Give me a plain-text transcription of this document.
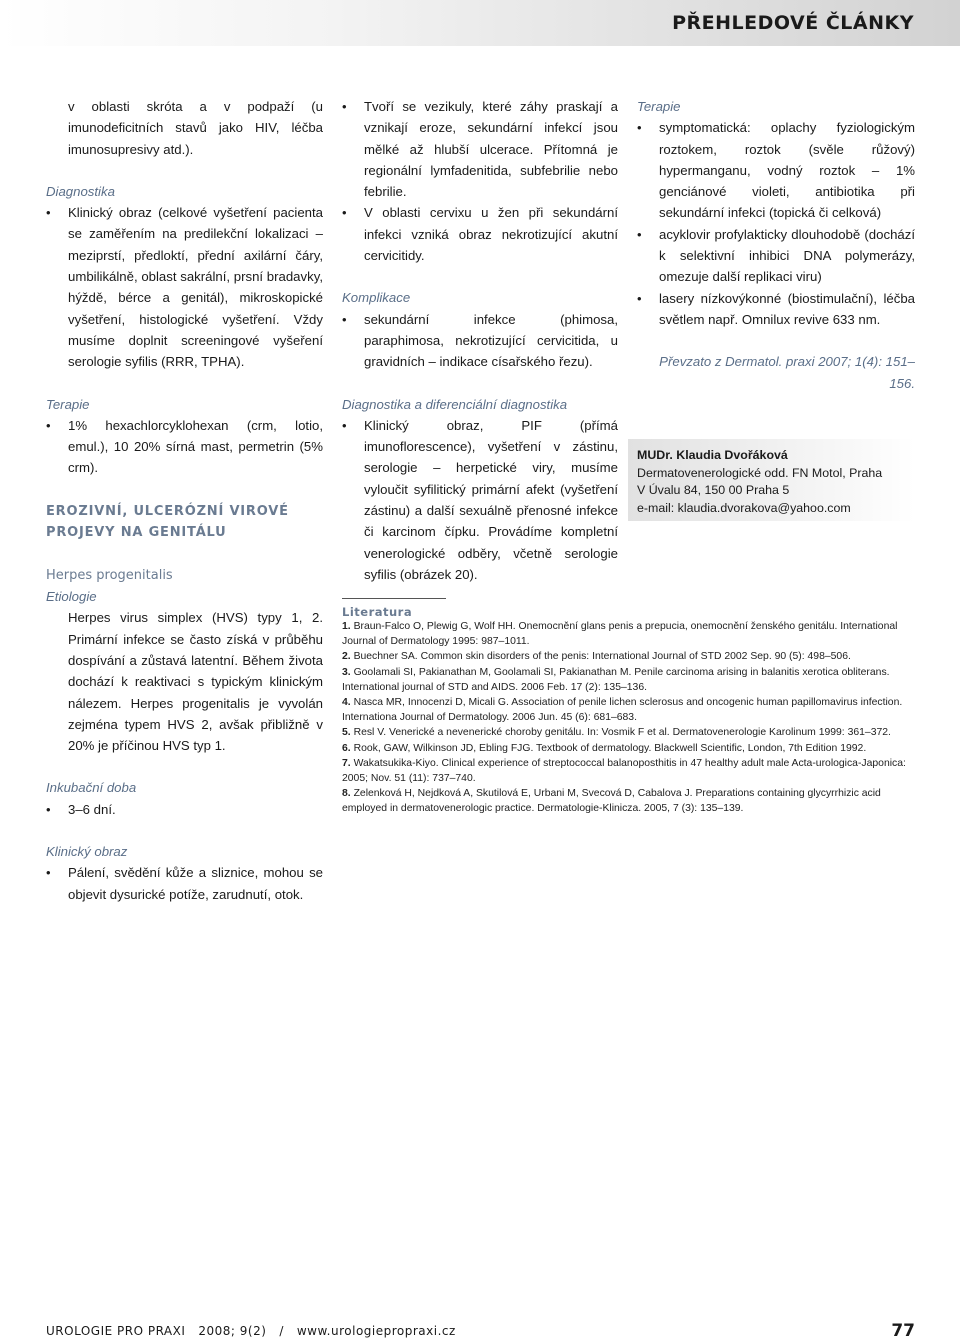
PŘEHLEDOVÉ ČLÁNKY

v oblasti skróta a v podpaží (u imunodeficitních stavů jako HIV, léčba imunosupresivy atd.).

Diagnostika

• Klinický obraz (celkové vyšetření pacienta se zaměřením na predilekční lokalizaci – meziprstí, předloktí, přední axilární čáry, umbilikálně, oblast sakrální, prsní bradavky, hýždě, bérce a genitál), mikroskopické vyšetření, histologické vyšetření. Vždy musíme doplnit screeningové vyšeření serologie syfilis (RRR, TPHA).

Terapie

• 1% hexachlorcyklohexan (crm, lotio, emul.), 10 20% sírná mast, permetrin (5% crm).

EROZIVNÍ, ULCERÓZNÍ VIROVÉ
PROJEVY NA GENITÁLU

Herpes progenitalis

Etiologie

Herpes virus simplex (HVS) typy 1, 2. Primární infekce se často získá v průběhu dospívání a zůstavá latentní. Během života dochází k reaktivaci s typickým klinickým nálezem. Herpes progenitalis je vyvolán zejména typem HVS 2, avšak přibližně v 20% je příčinou HVS typ 1.

Inkubační doba

• 3–6 dní.

Klinický obraz

• Pálení, svědění kůže a sliznice, mohou se objevit dysurické potíže, zarudnutí, otok.

• Tvoří se vezikuly, které záhy praskají a vznikají eroze, sekundární infekcí jsou mělké až hlubší ulcerace. Přítomná je regionální lymfadenitida, subfebrilie nebo febrilie.

• V oblasti cervixu u žen při sekundární infekci vzniká obraz nekrotizující akutní cervicitidy.

Komplikace

• sekundární infekce (phimosa, paraphimosa, nekrotizující cervicitida, u gravidních – indikace císařského řezu).

Diagnostika a diferenciální diagnostika

• Klinický obraz, PIF (přímá imunoflorescence), vyšetření v zástinu, serologie – herpetické viry, musíme vyloučit syfilitický primární afekt (vyšetření zástinu) a další sexuálně přenosné infekce či karcinom čípku. Provádíme kompletní venerologické odběry, včetně serologie syfilis (obrázek 20).

Terapie

• symptomatická: oplachy fyziologickým roztokem, roztok (svěle růžový) hypermanganu, vodný roztok – 1% genciánové violeti, antibiotika při sekundární infekci (topická či celková)

• acyklovir profylakticky dlouhodobě (dochází k selektivní inhibici DNA polymerázy, omezuje další replikaci viru)

• lasery nízkovýkonné (biostimulační), léčba světlem např. Omnilux revive 633 nm.

Převzato z Dermatol. praxi 2007; 1(4): 151–156.

MUDr. Klaudia Dvořáková
Dermatovenerologické odd. FN Motol, Praha
V Úvalu 84, 150 00 Praha 5
e-mail: klaudia.dvorakova@yahoo.com
Literatura

1. Braun-Falco O, Plewig G, Wolf HH. Onemocnění glans penis a prepucia, onemocnění ženského genitálu. International Journal of Dermatology 1995: 987–1011.

2. Buechner SA. Common skin disorders of the penis: International Journal of STD 2002 Sep. 90 (5): 498–506.

3. Goolamali SI, Pakianathan M, Goolamali SI, Pakianathan M. Penile carcinoma arising in balanitis xerotica obliterans. International journal of STD and AIDS. 2006 Feb. 17 (2): 135–136.

4. Nasca MR, Innocenzi D, Micali G. Association of penile lichen sclerosus and oncogenic human papillomavirus infection. Internationa Journal of Dermatology. 2006 Jun. 45 (6): 681–683.

5. Resl V. Venerické a nevenerické choroby genitálu. In: Vosmik F et al. Dermatovenerologie Karolinum 1999: 361–372.

6. Rook, GAW, Wilkinson JD, Ebling FJG. Textbook of dermatology. Blackwell Scientific, London, 7th Edition 1992.

7. Wakatsukika-Kiyo. Clinical experience of streptococcal balanoposthitis in 47 healthy adult male Acta-urologica-Japonica: 2005; Nov. 51 (11): 737–740.

8. Zelenková H, Nejdková A, Skutilová E, Urbani M, Svecová D, Cabalova J. Preparations containing glycyrrhizic acid employed in dermatovenerologic practice. Dermatologie-Klinicza. 2005, 7 (3): 135–139.

UROLOGIE PRO PRAXI 2008; 9(2) / www.urologiepropraxi.cz	77
